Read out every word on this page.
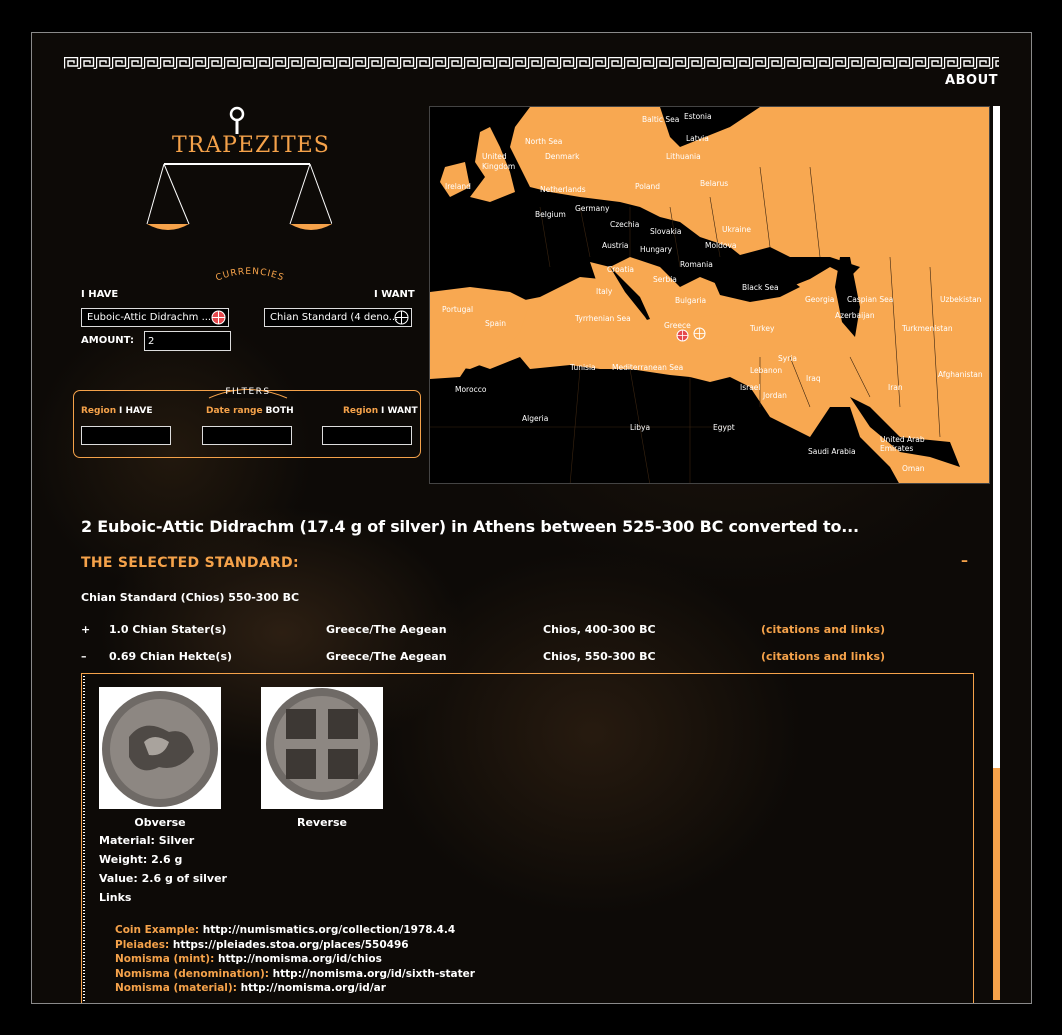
ABOUT
TRAPEZITES
CURRENCIES
I HAVE	I WANT
Euboic-Attic Didrachm ...	Chian Standard (4 deno...
AMOUNT:
2
FILTERS
Region I HAVE	Date range BOTH	Region I WANT
Baltic Sea Estonia
Latvia
Lithuania
North Sea
United
Kingdom
Denmark
Ireland	Netherlands	Poland	Belarus
Belgium
Germany
Czechia
Slovakia	Ukraine
Austria Hungary	Moldova
Croatia
Romania
Serbia
Italy
Bulgaria
Black Sea
Georgia Caspian Sea	Uzbekistan
Portugal
Spain
Tyrrhenian Sea
Greece	Turkey
Azerbaijan
Turkmenistan
Tunisia Mediterranean Sea
Syria
Lebanon
Iraq	Afghanistan
Morocco	Israel
Jordan
Iran
Algeria
Libya	Egypt
United Arab
Emirates
Saudi Arabia
Oman
2 Euboic-Attic Didrachm (17.4 g of silver) in Athens between 525-300 BC converted to...
THE SELECTED STANDARD:	–
Chian Standard (Chios) 550-300 BC
+ 1.0 Chian Stater(s)	Greece/The Aegean	Chios, 400-300 BC	(citations and links)
– 0.69 Chian Hekte(s)	Greece/The Aegean	Chios, 550-300 BC	(citations and links)
Obverse	Reverse
Material: Silver
Weight: 2.6 g
Value: 2.6 g of silver
Links
Coin Example: http://numismatics.org/collection/1978.4.4
Pleiades: https://pleiades.stoa.org/places/550496
Nomisma (mint): http://nomisma.org/id/chios
Nomisma (denomination): http://nomisma.org/id/sixth-stater
Nomisma (material): http://nomisma.org/id/ar
